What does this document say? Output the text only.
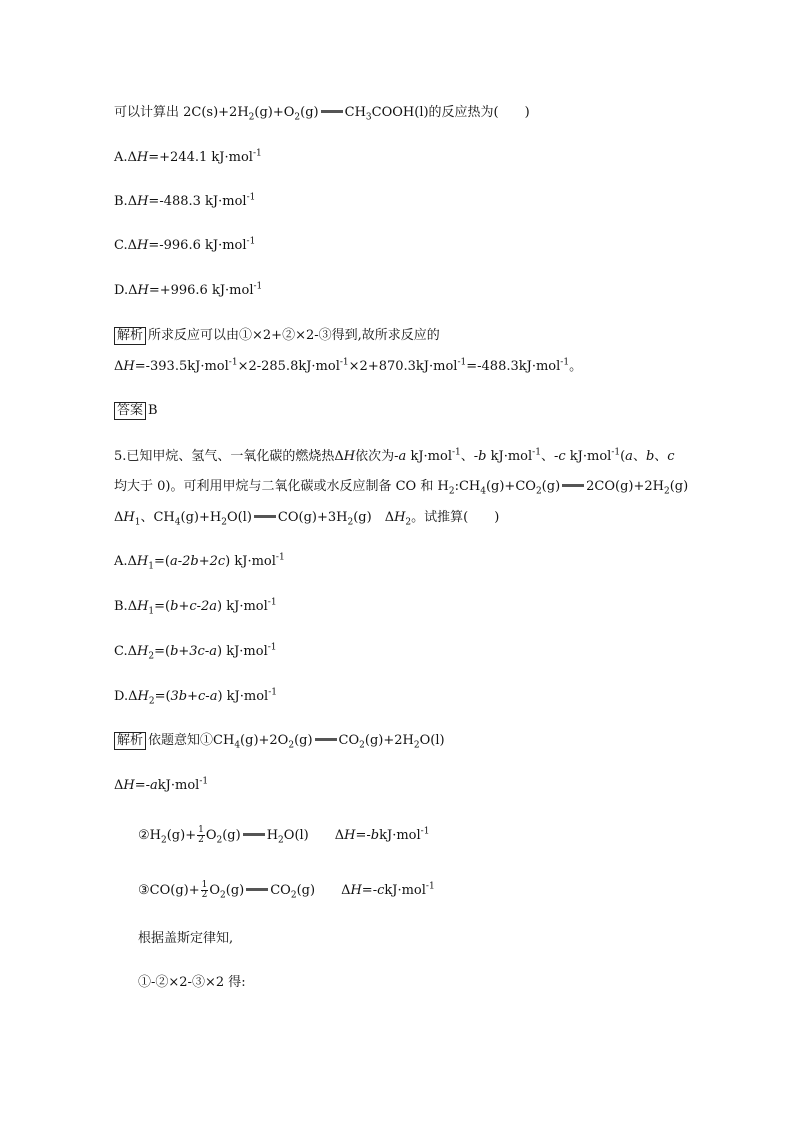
可以计算出 $2C(s)+2H_2(g)+O_2(g)$ $CH_3COOH(l)$的反应热为(　　)
A.ΔH=+244.1 kJ·mol$^{-1}$
B.ΔH=-488.3 kJ·mol$^{-1}$
C.ΔH=-996.6 kJ·mol$^{-1}$
D.ΔH=+996.6 kJ·mol$^{-1}$
解析 所求反应可以由①×2+②×2-③得到,故所求反应的
ΔH=-393.5kJ·mol$^{-1}$×2-285.8kJ·mol$^{-1}$×2+870.3kJ·mol$^{-1}$=-488.3kJ·mol$^{-1}$。
答案 B
5.已知甲烷、氢气、一氧化碳的燃烧热ΔH依次为-a kJ·mol$^{-1}$、-b kJ·mol$^{-1}$、-c kJ·mol$^{-1}$(a、b、c
均大于 0)。可利用甲烷与二氧化碳或水反应制备 CO 和 $H_2:CH_4(g)+CO_2(g)$ $2CO(g)+2H_2(g)$
$\Delta H_1$、$CH_4(g)+H_2O(l)$ $CO(g)+3H_2(g)$　$\Delta H_2$。试推算(　　)
$A.\Delta H_1=(a-2b+2c)$ kJ·mol$^{-1}$
$B.\Delta H_1=(b+c-2a)$ kJ·mol$^{-1}$
$C.\Delta H_2=(b+3c-a)$ kJ·mol$^{-1}$
$D.\Delta H_2=(3b+c-a)$ kJ·mol$^{-1}$
解析 依题意知$①CH_4(g)+2O_2(g)$ $CO_2(g)+2H_2O(l)$
ΔH=-akJ·mol$^{-1}$
$②H_2(g)+ \frac{1}{2} O_2(g)$ $H_2O(l)$　　ΔH=-bkJ·mol$^{-1}$
③CO(g)+ $\frac{1}{2} O_2(g)$ $CO_2(g)$　　ΔH=-ckJ·mol$^{-1}$
根据盖斯定律知,
①-②×2-③×2 得:
